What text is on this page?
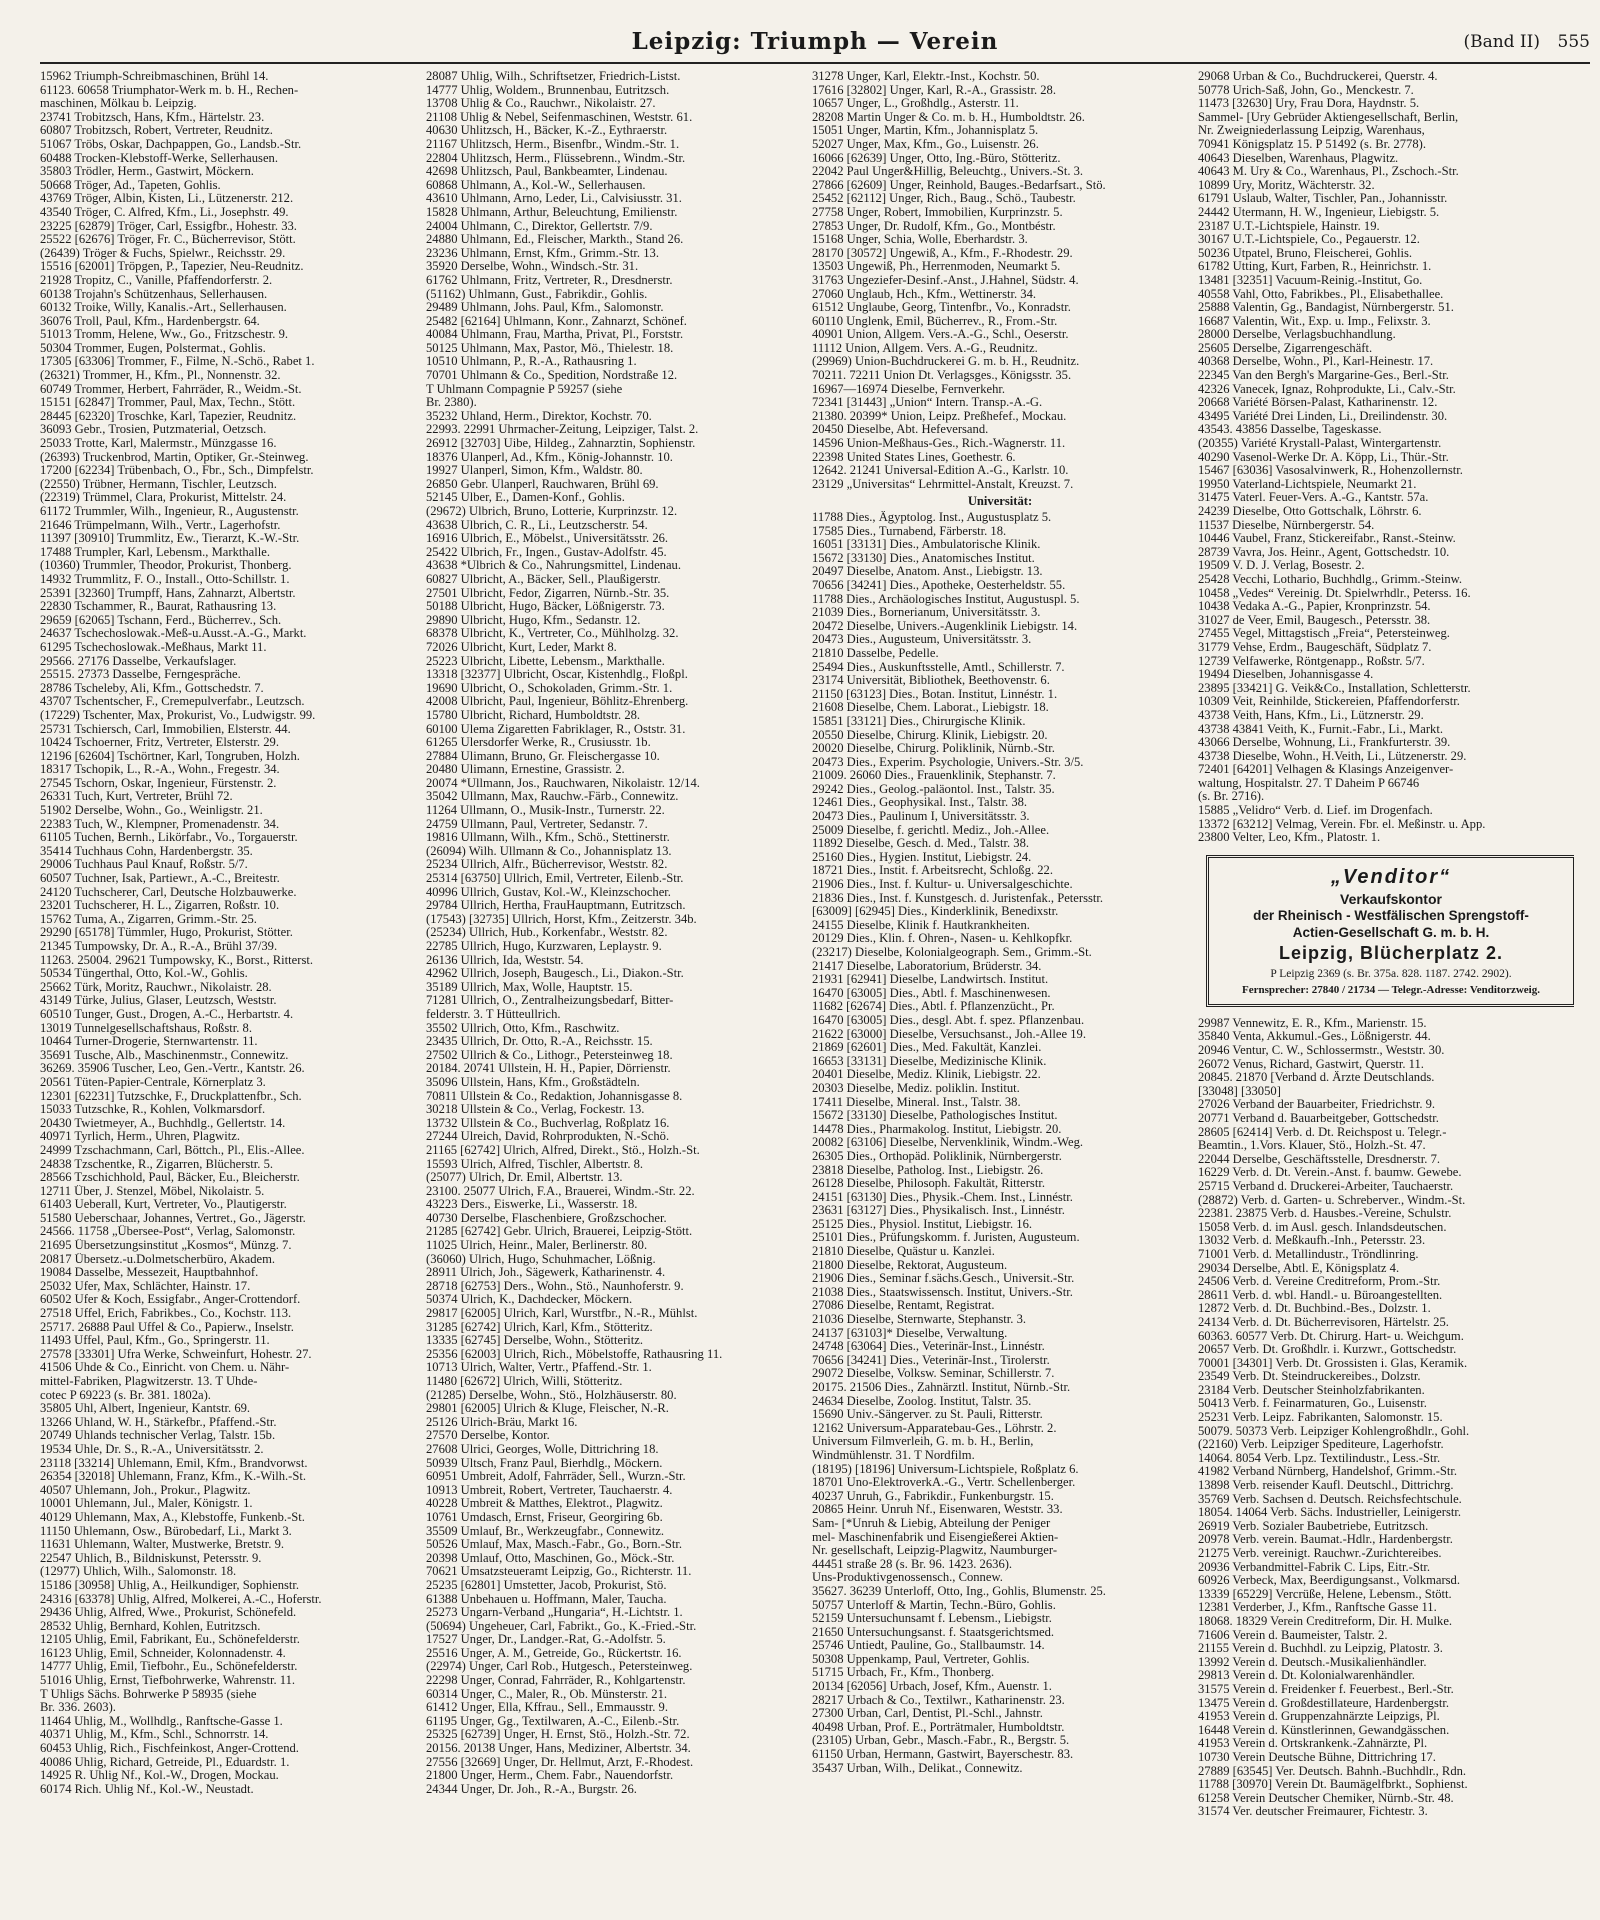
Leipzig: Triumph — Verein	(Band II) 555
15962 Triumph-Schreibmaschinen, Brühl 14.
61123. 60658 Triumphator-Werk m. b. H., Rechen-
maschinen, Mölkau b. Leipzig.
23741 Trobitzsch, Hans, Kfm., Härtelstr. 23.
60807 Trobitzsch, Robert, Vertreter, Reudnitz.
51067 Tröbs, Oskar, Dachpappen, Go., Landsb.-Str.
60488 Trocken-Klebstoff-Werke, Sellerhausen.
35803 Trödler, Herm., Gastwirt, Möckern.
50668 Tröger, Ad., Tapeten, Gohlis.
43769 Tröger, Albin, Kisten, Li., Lützenerstr. 212.
43540 Tröger, C. Alfred, Kfm., Li., Josephstr. 49.
23225 [62879] Tröger, Carl, Essigfbr., Hohestr. 33.
25522 [62676] Tröger, Fr. C., Bücherrevisor, Stött.
(26439) Tröger & Fuchs, Spielwr., Reichsstr. 29.
15516 [62001] Tröpgen, P., Tapezier, Neu-Reudnitz.
21928 Tropitz, C., Vanille, Pfaffendorferstr. 2.
60138 Trojahn's Schützenhaus, Sellerhausen.
60132 Troike, Willy, Kanalis.-Art., Sellerhausen.
36076 Troll, Paul, Kfm., Hardenbergstr. 64.
51013 Tromm, Helene, Ww., Go., Fritzschestr. 9.
50304 Trommer, Eugen, Polstermat., Gohlis.
17305 [63306] Trommer, F., Filme, N.-Schö., Rabet 1.
(26321) Trommer, H., Kfm., Pl., Nonnenstr. 32.
60749 Trommer, Herbert, Fahrräder, R., Weidm.-St.
15151 [62847] Trommer, Paul, Max, Techn., Stött.
28445 [62320] Troschke, Karl, Tapezier, Reudnitz.
36093 Gebr., Trosien, Putzmaterial, Oetzsch.
25033 Trotte, Karl, Malermstr., Münzgasse 16.
(26393) Truckenbrod, Martin, Optiker, Gr.-Steinweg.
17200 [62234] Trübenbach, O., Fbr., Sch., Dimpfelstr.
(22550) Trübner, Hermann, Tischler, Leutzsch.
(22319) Trümmel, Clara, Prokurist, Mittelstr. 24.
61172 Trummler, Wilh., Ingenieur, R., Augustenstr.
21646 Trümpelmann, Wilh., Vertr., Lagerhofstr.
11397 [30910] Trummlitz, Ew., Tierarzt, K.-W.-Str.
17488 Trumpler, Karl, Lebensm., Markthalle.
(10360) Trummler, Theodor, Prokurist, Thonberg.
14932 Trummlitz, F. O., Install., Otto-Schillstr. 1.
25391 [32360] Trumpff, Hans, Zahnarzt, Albertstr.
22830 Tschammer, R., Baurat, Rathausring 13.
29659 [62065] Tschann, Ferd., Bücherrev., Sch.
24637 Tschechoslowak.-Meß-u.Ausst.-A.-G., Markt.
61295 Tschechoslowak.-Meßhaus, Markt 11.
29566. 27176 Dasselbe, Verkaufslager.
25515. 27373 Dasselbe, Ferngespräche.
28786 Tscheleby, Ali, Kfm., Gottschedstr. 7.
43707 Tschentscher, F., Cremepulverfabr., Leutzsch.
(17229) Tschenter, Max, Prokurist, Vo., Ludwigstr. 99.
25731 Tschiersch, Carl, Immobilien, Elsterstr. 44.
10424 Tschoerner, Fritz, Vertreter, Elsterstr. 29.
12196 [62604] Tschörtner, Karl, Tongruben, Holzh.
18317 Tschopik, L., R.-A., Wohn., Fregestr. 34.
27545 Tschorn, Oskar, Ingenieur, Fürstenstr. 2.
26331 Tuch, Kurt, Vertreter, Brühl 72.
51902 Derselbe, Wohn., Go., Weinligstr. 21.
22383 Tuch, W., Klempner, Promenadenstr. 34.
61105 Tuchen, Bernh., Likörfabr., Vo., Torgauerstr.
35414 Tuchhaus Cohn, Hardenbergstr. 35.
29006 Tuchhaus Paul Knauf, Roßstr. 5/7.
60507 Tuchner, Isak, Partiewr., A.-C., Breitestr.
24120 Tuchscherer, Carl, Deutsche Holzbauwerke.
23201 Tuchscherer, H. L., Zigarren, Roßstr. 10.
15762 Tuma, A., Zigarren, Grimm.-Str. 25.
29290 [65178] Tümmler, Hugo, Prokurist, Stötter.
21345 Tumpowsky, Dr. A., R.-A., Brühl 37/39.
11263. 25004. 29621 Tumpowsky, K., Borst., Ritterst.
50534 Tüngerthal, Otto, Kol.-W., Gohlis.
25662 Türk, Moritz, Rauchwr., Nikolaistr. 28.
43149 Türke, Julius, Glaser, Leutzsch, Weststr.
60510 Tunger, Gust., Drogen, A.-C., Herbartstr. 4.
13019 Tunnelgesellschaftshaus, Roßstr. 8.
10464 Turner-Drogerie, Sternwartenstr. 11.
35691 Tusche, Alb., Maschinenmstr., Connewitz.
36269. 35906 Tuscher, Leo, Gen.-Vertr., Kantstr. 26.
20561 Tüten-Papier-Centrale, Körnerplatz 3.
12301 [62231] Tutzschke, F., Druckplattenfbr., Sch.
15033 Tutzschke, R., Kohlen, Volkmarsdorf.
20430 Twietmeyer, A., Buchhdlg., Gellertstr. 14.
40971 Tyrlich, Herm., Uhren, Plagwitz.
24999 Tzschachmann, Carl, Böttch., Pl., Elis.-Allee.
24838 Tzschentke, R., Zigarren, Blücherstr. 5.
28566 Tzschichhold, Paul, Bäcker, Eu., Bleicherstr.
12711 Über, J. Stenzel, Möbel, Nikolaistr. 5.
61403 Ueberall, Kurt, Vertreter, Vo., Plautigerstr.
51580 Ueberschaar, Johannes, Vertret., Go., Jägerstr.
24566. 11758 „Übersee-Post“, Verlag, Salomonstr.
21695 Übersetzungsinstitut „Kosmos“, Münzg. 7.
20817 Übersetz.-u.Dolmetscherbüro, Akadem.
19084 Dasselbe, Messezeit, Hauptbahnhof.
25032 Ufer, Max, Schlächter, Hainstr. 17.
60502 Ufer & Koch, Essigfabr., Anger-Crottendorf.
27518 Uffel, Erich, Fabrikbes., Co., Kochstr. 113.
25717. 26888 Paul Uffel & Co., Papierw., Inselstr.
11493 Uffel, Paul, Kfm., Go., Springerstr. 11.
27578 [33301] Ufra Werke, Schweinfurt, Hohestr. 27.
41506 Uhde & Co., Einricht. von Chem. u. Nähr-
mittel-Fabriken, Plagwitzerstr. 13. T Uhde-
cotec P 69223 (s. Br. 381. 1802a).
35805 Uhl, Albert, Ingenieur, Kantstr. 69.
13266 Uhland, W. H., Stärkefbr., Pfaffend.-Str.
20749 Uhlands technischer Verlag, Talstr. 15b.
19534 Uhle, Dr. S., R.-A., Universitätsstr. 2.
23118 [33214] Uhlemann, Emil, Kfm., Brandvorwst.
26354 [32018] Uhlemann, Franz, Kfm., K.-Wilh.-St.
40507 Uhlemann, Joh., Prokur., Plagwitz.
10001 Uhlemann, Jul., Maler, Königstr. 1.
40129 Uhlemann, Max, A., Klebstoffe, Funkenb.-St.
11150 Uhlemann, Osw., Bürobedarf, Li., Markt 3.
11631 Uhlemann, Walter, Mustwerke, Bretstr. 9.
22547 Uhlich, B., Bildniskunst, Petersstr. 9.
(12977) Uhlich, Wilh., Salomonstr. 18.
15186 [30958] Uhlig, A., Heilkundiger, Sophienstr.
24316 [63378] Uhlig, Alfred, Molkerei, A.-C., Hoferstr.
29436 Uhlig, Alfred, Wwe., Prokurist, Schönefeld.
28532 Uhlig, Bernhard, Kohlen, Eutritzsch.
12105 Uhlig, Emil, Fabrikant, Eu., Schönefelderstr.
16123 Uhlig, Emil, Schneider, Kolonnadenstr. 4.
14777 Uhlig, Emil, Tiefbohr., Eu., Schönefelderstr.
51016 Uhlig, Ernst, Tiefbohrwerke, Wahrenstr. 11.
T Uhligs Sächs. Bohrwerke P 58935 (siehe
Br. 336. 2603).
11464 Uhlig, M., Wollhdlg., Ranftsche-Gasse 1.
40371 Uhlig, M., Kfm., Schl., Schnorrstr. 14.
60453 Uhlig, Rich., Fischfeinkost, Anger-Crottend.
40086 Uhlig, Richard, Getreide, Pl., Eduardstr. 1.
14925 R. Uhlig Nf., Kol.-W., Drogen, Mockau.
60174 Rich. Uhlig Nf., Kol.-W., Neustadt.
28087 Uhlig, Wilh., Schriftsetzer, Friedrich-Listst.
14777 Uhlig, Woldem., Brunnenbau, Eutritzsch.
13708 Uhlig & Co., Rauchwr., Nikolaistr. 27.
21108 Uhlig & Nebel, Seifenmaschinen, Weststr. 61.
40630 Uhlitzsch, H., Bäcker, K.-Z., Eythraerstr.
21167 Uhlitzsch, Herm., Bisenfbr., Windm.-Str. 1.
22804 Uhlitzsch, Herm., Flüssebrenn., Windm.-Str.
42698 Uhlitzsch, Paul, Bankbeamter, Lindenau.
60868 Uhlmann, A., Kol.-W., Sellerhausen.
43610 Uhlmann, Arno, Leder, Li., Calvisiusstr. 31.
15828 Uhlmann, Arthur, Beleuchtung, Emilienstr.
24004 Uhlmann, C., Direktor, Gellertstr. 7/9.
24880 Uhlmann, Ed., Fleischer, Markth., Stand 26.
23236 Uhlmann, Ernst, Kfm., Grimm.-Str. 13.
35920 Derselbe, Wohn., Windsch.-Str. 31.
61762 Uhlmann, Fritz, Vertreter, R., Dresdnerstr.
(51162) Uhlmann, Gust., Fabrikdir., Gohlis.
29489 Uhlmann, Johs. Paul, Kfm., Salomonstr.
25482 [62164] Uhlmann, Konr., Zahnarzt, Schönef.
40084 Uhlmann, Frau, Martha, Privat, Pl., Forststr.
50125 Uhlmann, Max, Pastor, Mö., Thielestr. 18.
10510 Uhlmann, P., R.-A., Rathausring 1.
70701 Uhlmann & Co., Spedition, Nordstraße 12.
T Uhlmann Compagnie P 59257 (siehe
Br. 2380).
35232 Uhland, Herm., Direktor, Kochstr. 70.
22993. 22991 Uhrmacher-Zeitung, Leipziger, Talst. 2.
26912 [32703] Uibe, Hildeg., Zahnarztin, Sophienstr.
18376 Ulanperl, Ad., Kfm., König-Johannstr. 10.
19927 Ulanperl, Simon, Kfm., Waldstr. 80.
26850 Gebr. Ulanperl, Rauchwaren, Brühl 69.
52145 Ulber, E., Damen-Konf., Gohlis.
(29672) Ulbrich, Bruno, Lotterie, Kurprinzstr. 12.
43638 Ulbrich, C. R., Li., Leutzscherstr. 54.
16916 Ulbrich, E., Möbelst., Universitätsstr. 26.
25422 Ulbrich, Fr., Ingen., Gustav-Adolfstr. 45.
43638 *Ulbrich & Co., Nahrungsmittel, Lindenau.
60827 Ulbricht, A., Bäcker, Sell., Plaußigerstr.
27501 Ulbricht, Fedor, Zigarren, Nürnb.-Str. 35.
50188 Ulbricht, Hugo, Bäcker, Lößnigerstr. 73.
29890 Ulbricht, Hugo, Kfm., Sedanstr. 12.
68378 Ulbricht, K., Vertreter, Co., Mühlholzg. 32.
72026 Ulbricht, Kurt, Leder, Markt 8.
25223 Ulbricht, Libette, Lebensm., Markthalle.
13318 [32377] Ulbricht, Oscar, Kistenhdlg., Floßpl.
19690 Ulbricht, O., Schokoladen, Grimm.-Str. 1.
42008 Ulbricht, Paul, Ingenieur, Böhlitz-Ehrenberg.
15780 Ulbricht, Richard, Humboldtstr. 28.
60100 Ulema Zigaretten Fabriklager, R., Oststr. 31.
61265 Ulersdorfer Werke, R., Crusiusstr. 1b.
27884 Ulimann, Bruno, Gr. Fleischergasse 10.
20480 Ulimann, Ernestine, Grassistr. 2.
20074 *Ullmann, Jos., Rauchwaren, Nikolaistr. 12/14.
35042 Ullmann, Max, Rauchw.-Färb., Connewitz.
11264 Ullmann, O., Musik-Instr., Turnerstr. 22.
24759 Ullmann, Paul, Vertreter, Sedanstr. 7.
19816 Ullmann, Wilh., Kfm., Schö., Stettinerstr.
(26094) Wilh. Ullmann & Co., Johannisplatz 13.
25234 Ullrich, Alfr., Bücherrevisor, Weststr. 82.
25314 [63750] Ullrich, Emil, Vertreter, Eilenb.-Str.
40996 Ullrich, Gustav, Kol.-W., Kleinzschocher.
29784 Ullrich, Hertha, FrauHauptmann, Eutritzsch.
(17543) [32735] Ullrich, Horst, Kfm., Zeitzerstr. 34b.
(25234) Ullrich, Hub., Korkenfabr., Weststr. 82.
22785 Ullrich, Hugo, Kurzwaren, Leplaystr. 9.
26136 Ullrich, Ida, Weststr. 54.
42962 Ullrich, Joseph, Baugesch., Li., Diakon.-Str.
35189 Ullrich, Max, Wolle, Hauptstr. 15.
71281 Ullrich, O., Zentralheizungsbedarf, Bitter-
felderstr. 3. T Hütteullrich.
35502 Ullrich, Otto, Kfm., Raschwitz.
23435 Ullrich, Dr. Otto, R.-A., Reichsstr. 15.
27502 Ullrich & Co., Lithogr., Petersteinweg 18.
20184. 20741 Ullstein, H. H., Papier, Dörrienstr.
35096 Ullstein, Hans, Kfm., Großstädteln.
70811 Ullstein & Co., Redaktion, Johannisgasse 8.
30218 Ullstein & Co., Verlag, Fockestr. 13.
13732 Ullstein & Co., Buchverlag, Roßplatz 16.
27244 Ulreich, David, Rohrprodukten, N.-Schö.
21165 [62742] Ulrich, Alfred, Direkt., Stö., Holzh.-St.
15593 Ulrich, Alfred, Tischler, Albertstr. 8.
(25077) Ulrich, Dr. Emil, Albertstr. 13.
23100. 25077 Ulrich, F.A., Brauerei, Windm.-Str. 22.
43223 Ders., Eiswerke, Li., Wasserstr. 18.
40730 Derselbe, Flaschenbiere, Großzschocher.
21285 [62742] Gebr. Ulrich, Brauerei, Leipzig-Stött.
11025 Ulrich, Heinr., Maler, Berlinerstr. 80.
(36060) Ulrich, Hugo, Schuhmacher, Lößnig.
28911 Ulrich, Joh., Sägewerk, Katharinenstr. 4.
28718 [62753] Ders., Wohn., Stö., Naunhoferstr. 9.
50374 Ulrich, K., Dachdecker, Möckern.
29817 [62005] Ulrich, Karl, Wurstfbr., N.-R., Mühlst.
31285 [62742] Ulrich, Karl, Kfm., Stötteritz.
13335 [62745] Derselbe, Wohn., Stötteritz.
25356 [62003] Ulrich, Rich., Möbelstoffe, Rathausring 11.
10713 Ulrich, Walter, Vertr., Pfaffend.-Str. 1.
11480 [62672] Ulrich, Willi, Stötteritz.
(21285) Derselbe, Wohn., Stö., Holzhäuserstr. 80.
29801 [62005] Ulrich & Kluge, Fleischer, N.-R.
25126 Ulrich-Bräu, Markt 16.
27570 Derselbe, Kontor.
27608 Ulrici, Georges, Wolle, Dittrichring 18.
50939 Ultsch, Franz Paul, Bierhdlg., Möckern.
60951 Umbreit, Adolf, Fahrräder, Sell., Wurzn.-Str.
10913 Umbreit, Robert, Vertreter, Tauchaerstr. 4.
40228 Umbreit & Matthes, Elektrot., Plagwitz.
10761 Umdasch, Ernst, Friseur, Georgiring 6b.
35509 Umlauf, Br., Werkzeugfabr., Connewitz.
50526 Umlauf, Max, Masch.-Fabr., Go., Born.-Str.
20398 Umlauf, Otto, Maschinen, Go., Möck.-Str.
70621 Umsatzsteueramt Leipzig, Go., Richterstr. 11.
25235 [62801] Umstetter, Jacob, Prokurist, Stö.
61388 Unbehauen u. Hoffmann, Maler, Taucha.
25273 Ungarn-Verband „Hungaria“, H.-Lichtstr. 1.
(50694) Ungeheuer, Carl, Fabrikt., Go., K.-Fried.-Str.
17527 Unger, Dr., Landger.-Rat, G.-Adolfstr. 5.
25516 Unger, A. M., Getreide, Go., Rückertstr. 16.
(22974) Unger, Carl Rob., Hutgesch., Petersteinweg.
22298 Unger, Conrad, Fahrräder, R., Kohlgartenstr.
60314 Unger, C., Maler, R., Ob. Münsterstr. 21.
61412 Unger, Ella, Kffrau., Sell., Emmausstr. 9.
61195 Unger, Gg., Textilwaren, A.-C., Eilenb.-Str.
25325 [62739] Unger, H. Ernst, Stö., Holzh.-Str. 72.
20156. 20138 Unger, Hans, Mediziner, Albertstr. 34.
27556 [32669] Unger, Dr. Hellmut, Arzt, F.-Rhodest.
21800 Unger, Herm., Chem. Fabr., Nauendorfstr.
24344 Unger, Dr. Joh., R.-A., Burgstr. 26.
31278 Unger, Karl, Elektr.-Inst., Kochstr. 50.
17616 [32802] Unger, Karl, R.-A., Grassistr. 28.
10657 Unger, L., Großhdlg., Asterstr. 11.
28208 Martin Unger & Co. m. b. H., Humboldtstr. 26.
15051 Unger, Martin, Kfm., Johannisplatz 5.
52027 Unger, Max, Kfm., Go., Luisenstr. 26.
16066 [62639] Unger, Otto, Ing.-Büro, Stötteritz.
22042 Paul Unger&Hillig, Beleuchtg., Univers.-St. 3.
27866 [62609] Unger, Reinhold, Bauges.-Bedarfsart., Stö.
25452 [62112] Unger, Rich., Baug., Schö., Taubestr.
27758 Unger, Robert, Immobilien, Kurprinzstr. 5.
27853 Unger, Dr. Rudolf, Kfm., Go., Montbéstr.
15168 Unger, Schia, Wolle, Eberhardstr. 3.
28170 [30572] Ungewiß, A., Kfm., F.-Rhodestr. 29.
13503 Ungewiß, Ph., Herrenmoden, Neumarkt 5.
31763 Ungeziefer-Desinf.-Anst., J.Hahnel, Südstr. 4.
27060 Unglaub, Hch., Kfm., Wettinerstr. 34.
61512 Unglaube, Georg, Tintenfbr., Vo., Konradstr.
60110 Unglenk, Emil, Bücherrev., R., From.-Str.
40901 Union, Allgem. Vers.-A.-G., Schl., Oeserstr.
11112 Union, Allgem. Vers. A.-G., Reudnitz.
(29969) Union-Buchdruckerei G. m. b. H., Reudnitz.
70211. 72211 Union Dt. Verlagsges., Königsstr. 35.
16967—16974 Dieselbe, Fernverkehr.
72341 [31443] „Union“ Intern. Transp.-A.-G.
21380. 20399* Union, Leipz. Preßhefef., Mockau.
20450 Dieselbe, Abt. Hefeversand.
14596 Union-Meßhaus-Ges., Rich.-Wagnerstr. 11.
22398 United States Lines, Goethestr. 6.
12642. 21241 Universal-Edition A.-G., Karlstr. 10.
23129 „Universitas“ Lehrmittel-Anstalt, Kreuzst. 7.
Universität:
11788 Dies., Ägyptolog. Inst., Augustusplatz 5.
17585 Dies., Turnabend, Färberstr. 18.
16051 [33131] Dies., Ambulatorische Klinik.
15672 [33130] Dies., Anatomisches Institut.
20497 Dieselbe, Anatom. Anst., Liebigstr. 13.
70656 [34241] Dies., Apotheke, Oesterheldstr. 55.
11788 Dies., Archäologisches Institut, Augustuspl. 5.
21039 Dies., Bornerianum, Universitätsstr. 3.
20472 Dieselbe, Univers.-Augenklinik Liebigstr. 14.
20473 Dies., Augusteum, Universitätsstr. 3.
21810 Dasselbe, Pedelle.
25494 Dies., Auskunftsstelle, Amtl., Schillerstr. 7.
23174 Universität, Bibliothek, Beethovenstr. 6.
21150 [63123] Dies., Botan. Institut, Linnéstr. 1.
21608 Dieselbe, Chem. Laborat., Liebigstr. 18.
15851 [33121] Dies., Chirurgische Klinik.
20550 Dieselbe, Chirurg. Klinik, Liebigstr. 20.
20020 Dieselbe, Chirurg. Poliklinik, Nürnb.-Str.
20473 Dies., Experim. Psychologie, Univers.-Str. 3/5.
21009. 26060 Dies., Frauenklinik, Stephanstr. 7.
29242 Dies., Geolog.-paläontol. Inst., Talstr. 35.
12461 Dies., Geophysikal. Inst., Talstr. 38.
20473 Dies., Paulinum I, Universitätsstr. 3.
25009 Dieselbe, f. gerichtl. Mediz., Joh.-Allee.
11892 Dieselbe, Gesch. d. Med., Talstr. 38.
25160 Dies., Hygien. Institut, Liebigstr. 24.
18721 Dies., Instit. f. Arbeitsrecht, Schloßg. 22.
21906 Dies., Inst. f. Kultur- u. Universalgeschichte.
21836 Dies., Inst. f. Kunstgesch. d. Juristenfak., Petersstr.
[63009] [62945] Dies., Kinderklinik, Benedixstr.
24155 Dieselbe, Klinik f. Hautkrankheiten.
20129 Dies., Klin. f. Ohren-, Nasen- u. Kehlkopfkr.
(23217) Dieselbe, Kolonialgeograph. Sem., Grimm.-St.
21417 Dieselbe, Laboratorium, Brüderstr. 34.
21931 [62941] Dieselbe, Landwirtsch. Institut.
16470 [63005] Dies., Abtl. f. Maschinenwesen.
11682 [62674] Dies., Abtl. f. Pflanzenzücht., Pr.
16470 [63005] Dies., desgl. Abt. f. spez. Pflanzenbau.
21622 [63000] Dieselbe, Versuchsanst., Joh.-Allee 19.
21869 [62601] Dies., Med. Fakultät, Kanzlei.
16653 [33131] Dieselbe, Medizinische Klinik.
20401 Dieselbe, Mediz. Klinik, Liebigstr. 22.
20303 Dieselbe, Mediz. poliklin. Institut.
17411 Dieselbe, Mineral. Inst., Talstr. 38.
15672 [33130] Dieselbe, Pathologisches Institut.
14478 Dies., Pharmakolog. Institut, Liebigstr. 20.
20082 [63106] Dieselbe, Nervenklinik, Windm.-Weg.
26305 Dies., Orthopäd. Poliklinik, Nürnbergerstr.
23818 Dieselbe, Patholog. Inst., Liebigstr. 26.
26128 Dieselbe, Philosoph. Fakultät, Ritterstr.
24151 [63130] Dies., Physik.-Chem. Inst., Linnéstr.
23631 [63127] Dies., Physikalisch. Inst., Linnéstr.
25125 Dies., Physiol. Institut, Liebigstr. 16.
25101 Dies., Prüfungskomm. f. Juristen, Augusteum.
21810 Dieselbe, Quästur u. Kanzlei.
21800 Dieselbe, Rektorat, Augusteum.
21906 Dies., Seminar f.sächs.Gesch., Universit.-Str.
21038 Dies., Staatswissensch. Institut, Univers.-Str.
27086 Dieselbe, Rentamt, Registrat.
21036 Dieselbe, Sternwarte, Stephanstr. 3.
24137 [63103]* Dieselbe, Verwaltung.
24748 [63064] Dies., Veterinär-Inst., Linnéstr.
70656 [34241] Dies., Veterinär-Inst., Tirolerstr.
29072 Dieselbe, Volksw. Seminar, Schillerstr. 7.
20175. 21506 Dies., Zahnärztl. Institut, Nürnb.-Str.
24634 Dieselbe, Zoolog. Institut, Talstr. 35.
15690 Univ.-Sängerver. zu St. Pauli, Ritterstr.
12162 Universum-Apparatebau-Ges., Löhrstr. 2.
Universum Filmverleih, G. m. b. H., Berlin,
Windmühlenstr. 31. T Nordfilm.
(18195) [18196] Universum-Lichtspiele, Roßplatz 6.
18701 Uno-ElektroverkA.-G., Vertr. Schellenberger.
40237 Unruh, G., Fabrikdir., Funkenburgstr. 15.
20865 Heinr. Unruh Nf., Eisenwaren, Weststr. 33.
Sam- [*Unruh & Liebig, Abteilung der Peniger
mel- Maschinenfabrik und Eisengießerei Aktien-
Nr. gesellschaft, Leipzig-Plagwitz, Naumburger-
44451 straße 28 (s. Br. 96. 1423. 2636).
Uns-Produktivgenossensch., Connew.
35627. 36239 Unterloff, Otto, Ing., Gohlis, Blumenstr. 25.
50757 Unterloff & Martin, Techn.-Büro, Gohlis.
52159 Untersuchunsamt f. Lebensm., Liebigstr.
21650 Untersuchungsanst. f. Staatsgerichtsmed.
25746 Untiedt, Pauline, Go., Stallbaumstr. 14.
50308 Uppenkamp, Paul, Vertreter, Gohlis.
51715 Urbach, Fr., Kfm., Thonberg.
20134 [62056] Urbach, Josef, Kfm., Auenstr. 1.
28217 Urbach & Co., Textilwr., Katharinenstr. 23.
27300 Urban, Carl, Dentist, Pl.-Schl., Jahnstr.
40498 Urban, Prof. E., Porträtmaler, Humboldtstr.
(23105) Urban, Gebr., Masch.-Fabr., R., Bergstr. 5.
61150 Urban, Hermann, Gastwirt, Bayerschestr. 83.
35437 Urban, Wilh., Delikat., Connewitz.
29068 Urban & Co., Buchdruckerei, Querstr. 4.
50778 Urich-Saß, John, Go., Menckestr. 7.
11473 [32630] Ury, Frau Dora, Haydnstr. 5.
Sammel- [Ury Gebrüder Aktiengesellschaft, Berlin,
Nr. Zweigniederlassung Leipzig, Warenhaus,
70941 Königsplatz 15. P 51492 (s. Br. 2778).
40643 Dieselben, Warenhaus, Plagwitz.
40643 M. Ury & Co., Warenhaus, Pl., Zschoch.-Str.
10899 Ury, Moritz, Wächterstr. 32.
61791 Uslaub, Walter, Tischler, Pan., Johannisstr.
24442 Utermann, H. W., Ingenieur, Liebigstr. 5.
23187 U.T.-Lichtspiele, Hainstr. 19.
30167 U.T.-Lichtspiele, Co., Pegauerstr. 12.
50236 Utpatel, Bruno, Fleischerei, Gohlis.
61782 Utting, Kurt, Farben, R., Heinrichstr. 1.
13481 [32351] Vacuum-Reinig.-Institut, Go.
40558 Vahl, Otto, Fabrikbes., Pl., Elisabethallee.
25888 Valentin, Gg., Bandagist, Nürnbergerstr. 51.
16687 Valentin, Wit., Exp. u. Imp., Felixstr. 3.
28000 Derselbe, Verlagsbuchhandlung.
25605 Derselbe, Zigarrengeschäft.
40368 Derselbe, Wohn., Pl., Karl-Heinestr. 17.
22345 Van den Bergh's Margarine-Ges., Berl.-Str.
42326 Vanecek, Ignaz, Rohprodukte, Li., Calv.-Str.
20668 Variété Börsen-Palast, Katharinenstr. 12.
43495 Variété Drei Linden, Li., Dreilindenstr. 30.
43543. 43856 Dasselbe, Tageskasse.
(20355) Variété Krystall-Palast, Wintergartenstr.
40290 Vasenol-Werke Dr. A. Köpp, Li., Thür.-Str.
15467 [63036] Vasosalvinwerk, R., Hohenzollernstr.
19950 Vaterland-Lichtspiele, Neumarkt 21.
31475 Vaterl. Feuer-Vers. A.-G., Kantstr. 57a.
24239 Dieselbe, Otto Gottschalk, Löhrstr. 6.
11537 Dieselbe, Nürnbergerstr. 54.
10446 Vaubel, Franz, Stickereifabr., Ranst.-Steinw.
28739 Vavra, Jos. Heinr., Agent, Gottschedstr. 10.
19509 V. D. J. Verlag, Bosestr. 2.
25428 Vecchi, Lothario, Buchhdlg., Grimm.-Steinw.
10458 „Vedes“ Vereinig. Dt. Spielwrhdlr., Peterss. 16.
10438 Vedaka A.-G., Papier, Kronprinzstr. 54.
31027 de Veer, Emil, Baugesch., Petersstr. 38.
27455 Vegel, Mittagstisch „Freia“, Petersteinweg.
31779 Vehse, Erdm., Baugeschäft, Südplatz 7.
12739 Velfawerke, Röntgenapp., Roßstr. 5/7.
19494 Dieselben, Johannisgasse 4.
23895 [33421] G. Veik&Co., Installation, Schletterstr.
10309 Veit, Reinhilde, Stickereien, Pfaffendorferstr.
43738 Veith, Hans, Kfm., Li., Lütznerstr. 29.
43738 43841 Veith, K., Furnit.-Fabr., Li., Markt.
43066 Derselbe, Wohnung, Li., Frankfurterstr. 39.
43738 Dieselbe, Wohn., H.Veith, Li., Lützenerstr. 29.
72401 [64201] Velhagen & Klasings Anzeigenver-
waltung, Hospitalstr. 27. T Daheim P 66746
(s. Br. 2716).
15885 „Velidro“ Verb. d. Lief. im Drogenfach.
13372 [63212] Velmag, Verein. Fbr. el. Meßinstr. u. App.
23800 Velter, Leo, Kfm., Platostr. 1.
„Venditor“
Verkaufskontor
der Rheinisch - Westfälischen Sprengstoff-
Actien-Gesellschaft G. m. b. H.
Leipzig, Blücherplatz 2.
P Leipzig 2369 (s. Br. 375a. 828. 1187. 2742. 2902).
Fernsprecher: 27840 / 21734 — Telegr.-Adresse: Venditorzweig.
29987 Vennewitz, E. R., Kfm., Marienstr. 15.
35840 Venta, Akkumul.-Ges., Lößnigerstr. 44.
20946 Ventur, C. W., Schlossermstr., Weststr. 30.
26072 Venus, Richard, Gastwirt, Querstr. 11.
20845. 21870 [Verband d. Ärzte Deutschlands.
[33048] [33050]
27026 Verband der Bauarbeiter, Friedrichstr. 9.
20771 Verband d. Bauarbeitgeber, Gottschedstr.
28605 [62414] Verb. d. Dt. Reichspost u. Telegr.-
Beamtin., 1.Vors. Klauer, Stö., Holzh.-St. 47.
22044 Derselbe, Geschäftsstelle, Dresdnerstr. 7.
16229 Verb. d. Dt. Verein.-Anst. f. baumw. Gewebe.
25715 Verband d. Druckerei-Arbeiter, Tauchaerstr.
(28872) Verb. d. Garten- u. Schreberver., Windm.-St.
22381. 23875 Verb. d. Hausbes.-Vereine, Schulstr.
15058 Verb. d. im Ausl. gesch. Inlandsdeutschen.
13032 Verb. d. Meßkaufh.-Inh., Petersstr. 23.
71001 Verb. d. Metallindustr., Tröndlinring.
29034 Derselbe, Abtl. E, Königsplatz 4.
24506 Verb. d. Vereine Creditreform, Prom.-Str.
28611 Verb. d. wbl. Handl.- u. Büroangestellten.
12872 Verb. d. Dt. Buchbind.-Bes., Dolzstr. 1.
24134 Verb. d. Dt. Bücherrevisoren, Härtelstr. 25.
60363. 60577 Verb. Dt. Chirurg. Hart- u. Weichgum.
20657 Verb. Dt. Großhdlr. i. Kurzwr., Gottschedstr.
70001 [34301] Verb. Dt. Grossisten i. Glas, Keramik.
23549 Verb. Dt. Steindruckereibes., Dolzstr.
23184 Verb. Deutscher Steinholzfabrikanten.
50413 Verb. f. Feinarmaturen, Go., Luisenstr.
25231 Verb. Leipz. Fabrikanten, Salomonstr. 15.
50079. 50373 Verb. Leipziger Kohlengroßhdlr., Gohl.
(22160) Verb. Leipziger Spediteure, Lagerhofstr.
14064. 8054 Verb. Lpz. Textilindustr., Less.-Str.
41982 Verband Nürnberg, Handelshof, Grimm.-Str.
13898 Verb. reisender Kaufl. Deutschl., Dittrichrg.
35769 Verb. Sachsen d. Deutsch. Reichsfechtschule.
18054. 14064 Verb. Sächs. Industrieller, Leinigerstr.
26919 Verb. Sozialer Baubetriebe, Eutritzsch.
20978 Verb. verein. Baumat.-Hdlr., Hardenbergstr.
21275 Verb. vereinigt. Rauchwr.-Zurichtereibes.
20936 Verbandmittel-Fabrik C. Lips, Eitr.-Str.
60926 Verbeck, Max, Beerdigungsanst., Volkmarsd.
13339 [65229] Vercrüße, Helene, Lebensm., Stött.
12381 Verderber, J., Kfm., Ranftsche Gasse 11.
18068. 18329 Verein Creditreform, Dir. H. Mulke.
71606 Verein d. Baumeister, Talstr. 2.
21155 Verein d. Buchhdl. zu Leipzig, Platostr. 3.
13992 Verein d. Deutsch.-Musikalienhändler.
29813 Verein d. Dt. Kolonialwarenhändler.
31575 Verein d. Freidenker f. Feuerbest., Berl.-Str.
13475 Verein d. Großdestillateure, Hardenbergstr.
41953 Verein d. Gruppenzahnärzte Leipzigs, Pl.
16448 Verein d. Künstlerinnen, Gewandgässchen.
41953 Verein d. Ortskrankenk.-Zahnärzte, Pl.
10730 Verein Deutsche Bühne, Dittrichring 17.
27889 [63545] Ver. Deutsch. Bahnh.-Buchhdlr., Rdn.
11788 [30970] Verein Dt. Baumägelfbrkt., Sophienst.
61258 Verein Deutscher Chemiker, Nürnb.-Str. 48.
31574 Ver. deutscher Freimaurer, Fichtestr. 3.
